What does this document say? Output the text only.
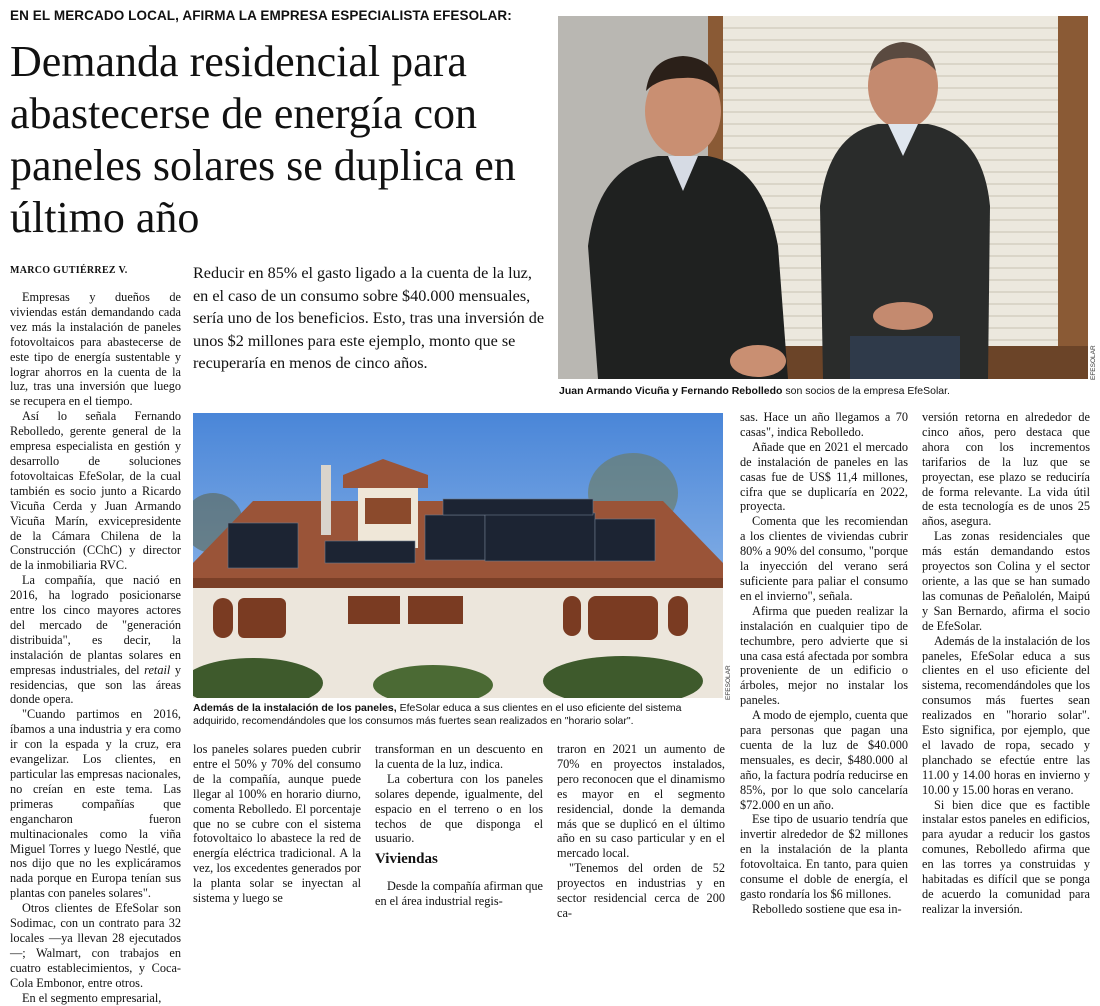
EN EL MERCADO LOCAL, AFIRMA LA EMPRESA ESPECIALISTA EFESOLAR:
Demanda residencial para abastecerse de energía con paneles solares se duplica en último año
MARCO GUTIÉRREZ V.	Reducir en 85% el gasto ligado a la cuenta de la luz, en el caso de un consumo sobre $40.000 mensuales, sería uno de los beneficios. Esto, tras una inversión de unos $2 millones para este ejemplo, monto que se recuperaría en menos de cinco años.	EFESOLAR
Juan Armando Vicuña y Fernando Rebolledo son socios de la empresa EfeSolar.
EFESOLAR
Además de la instalación de los paneles, EfeSolar educa a sus clientes en el uso eficiente del sistema adquirido, recomendándoles que los consumos más fuertes sean realizados en "horario solar".

Empresas y dueños de viviendas están demandando cada vez más la instalación de paneles fotovoltaicos para abastecerse de este tipo de energía sustentable y lograr ahorros en la cuenta de la luz, tras una inversión que luego se recupera en el tiempo.

Así lo señala Fernando Rebolledo, gerente general de la empresa especialista en gestión y desarrollo de soluciones fotovoltaicas EfeSolar, de la cual también es socio junto a Ricardo Vicuña Cerda y Juan Armando Vicuña Marín, exvicepresidente de la Cámara Chilena de la Construcción (CChC) y director de la inmobiliaria RVC.

La compañía, que nació en 2016, ha logrado posicionarse entre los cinco mayores actores del mercado de "generación distribuida", es decir, la instalación de plantas solares en empresas industriales, del retail y residencias, que son las áreas donde opera.

"Cuando partimos en 2016, íbamos a una industria y era como ir con la espada y la cruz, era evangelizar. Los clientes, en particular las empresas nacionales, no creían en este tema. Las primeras compañías que engancharon fueron multinacionales como la viña Miguel Torres y luego Nestlé, que nos dijo que no les explicáramos nada porque en Europa tenían sus plantas con paneles solares".

Otros clientes de EfeSolar son Sodimac, con un contrato para 32 locales —ya llevan 28 ejecutados—; Walmart, con trabajos en cuatro establecimientos, y Coca-Cola Embonor, entre otros.

En el segmento empresarial,

los paneles solares pueden cubrir entre el 50% y 70% del consumo de la compañía, aunque puede llegar al 100% en horario diurno, comenta Rebolledo. El porcentaje que no se cubre con el sistema fotovoltaico lo abastece la red de energía eléctrica tradicional. A la vez, los excedentes generados por la planta solar se inyectan al sistema y luego se

transforman en un descuento en la cuenta de la luz, indica.

La cobertura con los paneles solares depende, igualmente, del espacio en el terreno o en los techos de que disponga el usuario.

Viviendas

Desde la compañía afirman que en el área industrial regis-

traron en 2021 un aumento de 70% en proyectos instalados, pero reconocen que el dinamismo es mayor en el segmento residencial, donde la demanda más que se duplicó en el último año en su caso particular y en el mercado local.

"Tenemos del orden de 52 proyectos en industrias y en sector residencial cerca de 200 ca-

sas. Hace un año llegamos a 70 casas", indica Rebolledo.

Añade que en 2021 el mercado de instalación de paneles en las casas fue de US$ 11,4 millones, cifra que se duplicaría en 2022, proyecta.

Comenta que les recomiendan a los clientes de viviendas cubrir 80% a 90% del consumo, "porque la inyección del verano será suficiente para paliar el consumo en el invierno", señala.

Afirma que pueden realizar la instalación en cualquier tipo de techumbre, pero advierte que si una casa está afectada por sombra proveniente de un edificio o árboles, mejor no instalar los paneles.

A modo de ejemplo, cuenta que para personas que pagan una cuenta de la luz de $40.000 mensuales, es decir, $480.000 al año, la factura podría reducirse en 85%, por lo que solo cancelaría $72.000 en un año.

Ese tipo de usuario tendría que invertir alrededor de $2 millones en la instalación de la planta fotovoltaica. En tanto, para quien consume el doble de energía, el gasto rondaría los $6 millones.

Rebolledo sostiene que esa in-

versión retorna en alrededor de cinco años, pero destaca que ahora con los incrementos tarifarios de la luz que se proyectan, ese plazo se reduciría de forma relevante. La vida útil de esta tecnología es de unos 25 años, asegura.

Las zonas residenciales que más están demandando estos proyectos son Colina y el sector oriente, a las que se han sumado las comunas de Peñalolén, Maipú y San Bernardo, afirma el socio de EfeSolar.

Además de la instalación de los paneles, EfeSolar educa a sus clientes en el uso eficiente del sistema, recomendándoles que los consumos más fuertes sean realizados en "horario solar". Esto significa, por ejemplo, que el lavado de ropa, secado y planchado se efectúe entre las 11.00 y 14.00 horas en invierno y 10.00 y 15.00 horas en verano.

Si bien dice que es factible instalar estos paneles en edificios, para ayudar a reducir los gastos comunes, Rebolledo afirma que en las torres ya construidas y habitadas es difícil que se ponga de acuerdo la comunidad para realizar la inversión.
